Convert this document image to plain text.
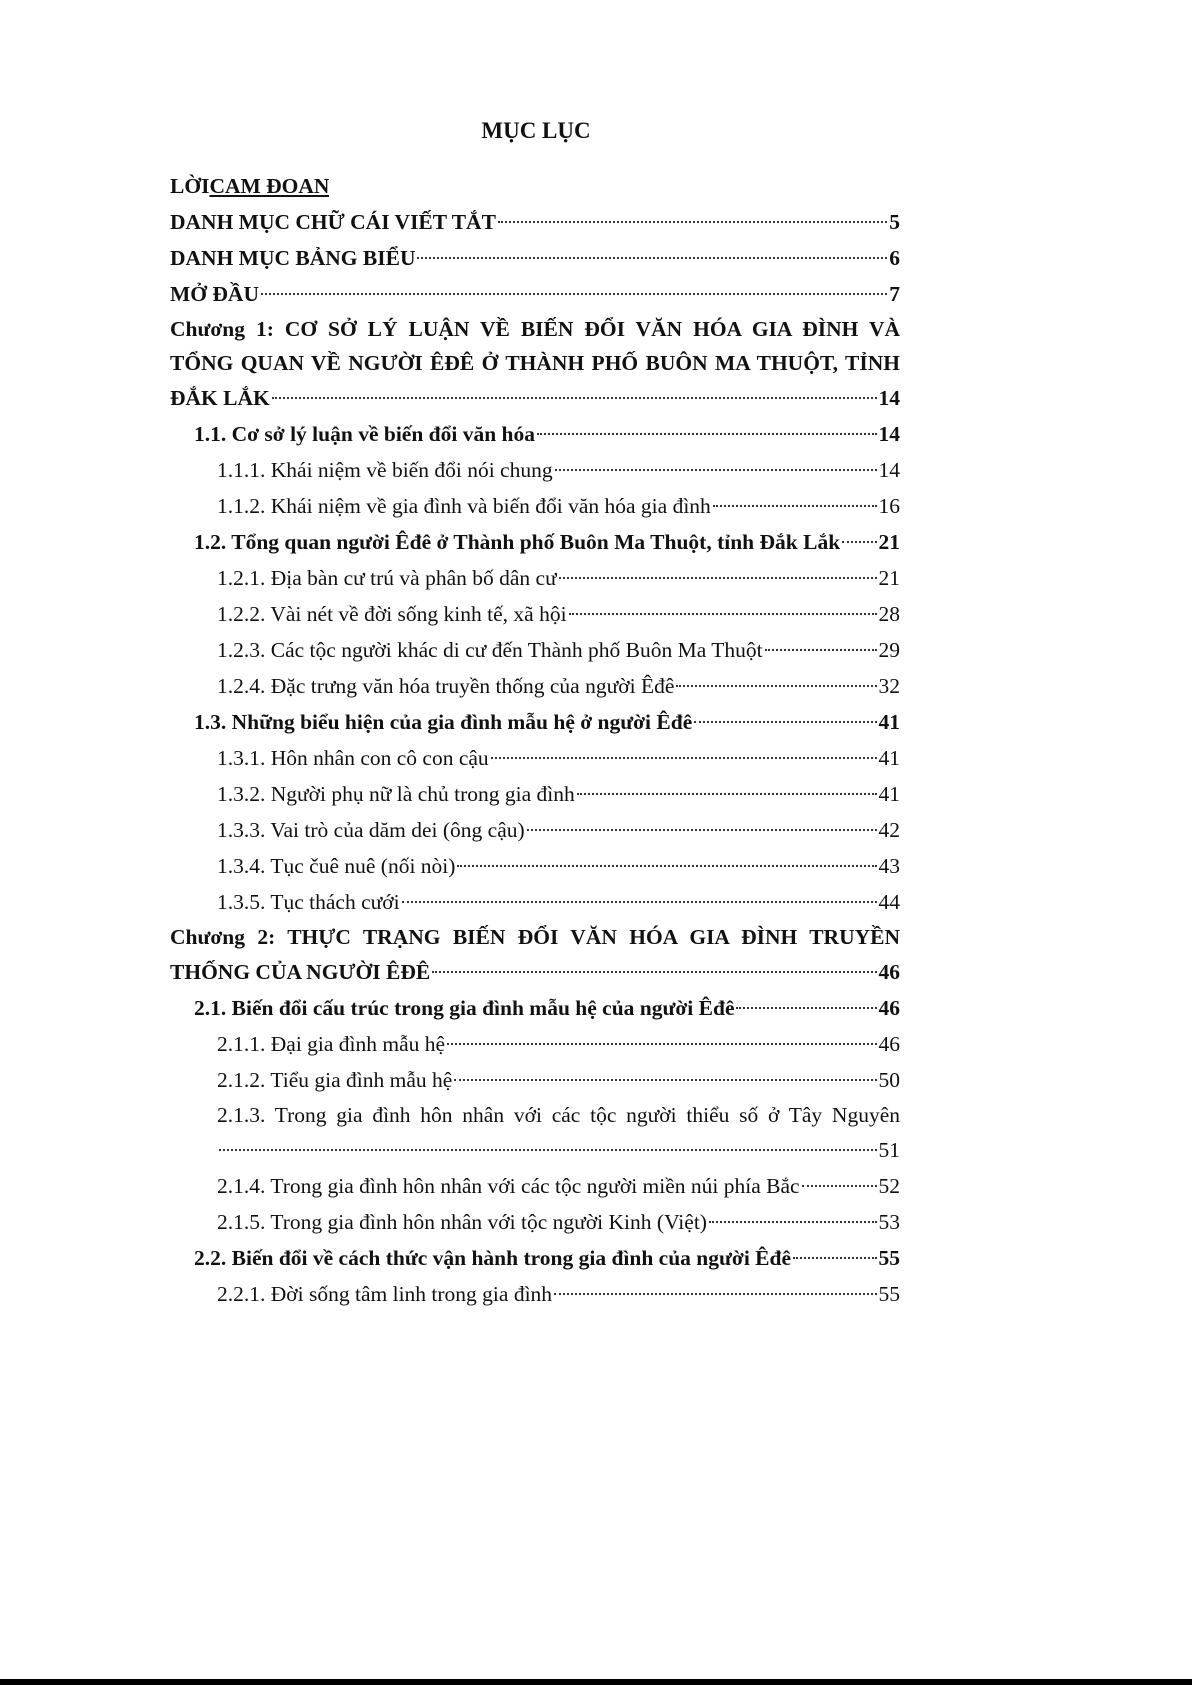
MỤC LỤC
LỜICAM ĐOAN
DANH MỤC CHỮ CÁI VIẾT TẮT	5
DANH MỤC BẢNG BIỂU	6
MỞ ĐẦU	7
Chương 1: CƠ SỞ LÝ LUẬN VỀ BIẾN ĐỔI VĂN HÓA GIA ĐÌNH VÀ
TỔNG QUAN VỀ NGƯỜI ÊĐÊ Ở THÀNH PHỐ BUÔN MA THUỘT, TỈNH
ĐẮK LẮK	14
1.1. Cơ sở lý luận về biến đổi văn hóa	14
1.1.1. Khái niệm về biến đổi nói chung	14
1.1.2. Khái niệm về gia đình và biến đổi văn hóa gia đình	16
1.2. Tổng quan người Êđê ở Thành phố Buôn Ma Thuột, tỉnh Đắk Lắk 21
1.2.1. Địa bàn cư trú và phân bố dân cư	21
1.2.2. Vài nét về đời sống kinh tế, xã hội	28
1.2.3. Các tộc người khác di cư đến Thành phố Buôn Ma Thuột	29
1.2.4. Đặc trưng văn hóa truyền thống của người Êđê	32
1.3. Những biểu hiện của gia đình mẫu hệ ở người Êđê	41
1.3.1. Hôn nhân con cô con cậu	41
1.3.2. Người phụ nữ là chủ trong gia đình	41
1.3.3. Vai trò của dăm dei (ông cậu)	42
1.3.4. Tục čuê nuê (nối nòi)	43
1.3.5. Tục thách cưới	44
Chương 2: THỰC TRẠNG BIẾN ĐỔI VĂN HÓA GIA ĐÌNH TRUYỀN
THỐNG CỦA NGƯỜI ÊĐÊ	46
2.1. Biến đổi cấu trúc trong gia đình mẫu hệ của người Êđê	46
2.1.1. Đại gia đình mẫu hệ	46
2.1.2. Tiểu gia đình mẫu hệ	50
2.1.3. Trong gia đình hôn nhân với các tộc người thiểu số ở Tây Nguyên
51
2.1.4. Trong gia đình hôn nhân với các tộc người miền núi phía Bắc	52
2.1.5. Trong gia đình hôn nhân với tộc người Kinh (Việt)	53
2.2. Biến đổi về cách thức vận hành trong gia đình của người Êđê	55
2.2.1. Đời sống tâm linh trong gia đình	55
